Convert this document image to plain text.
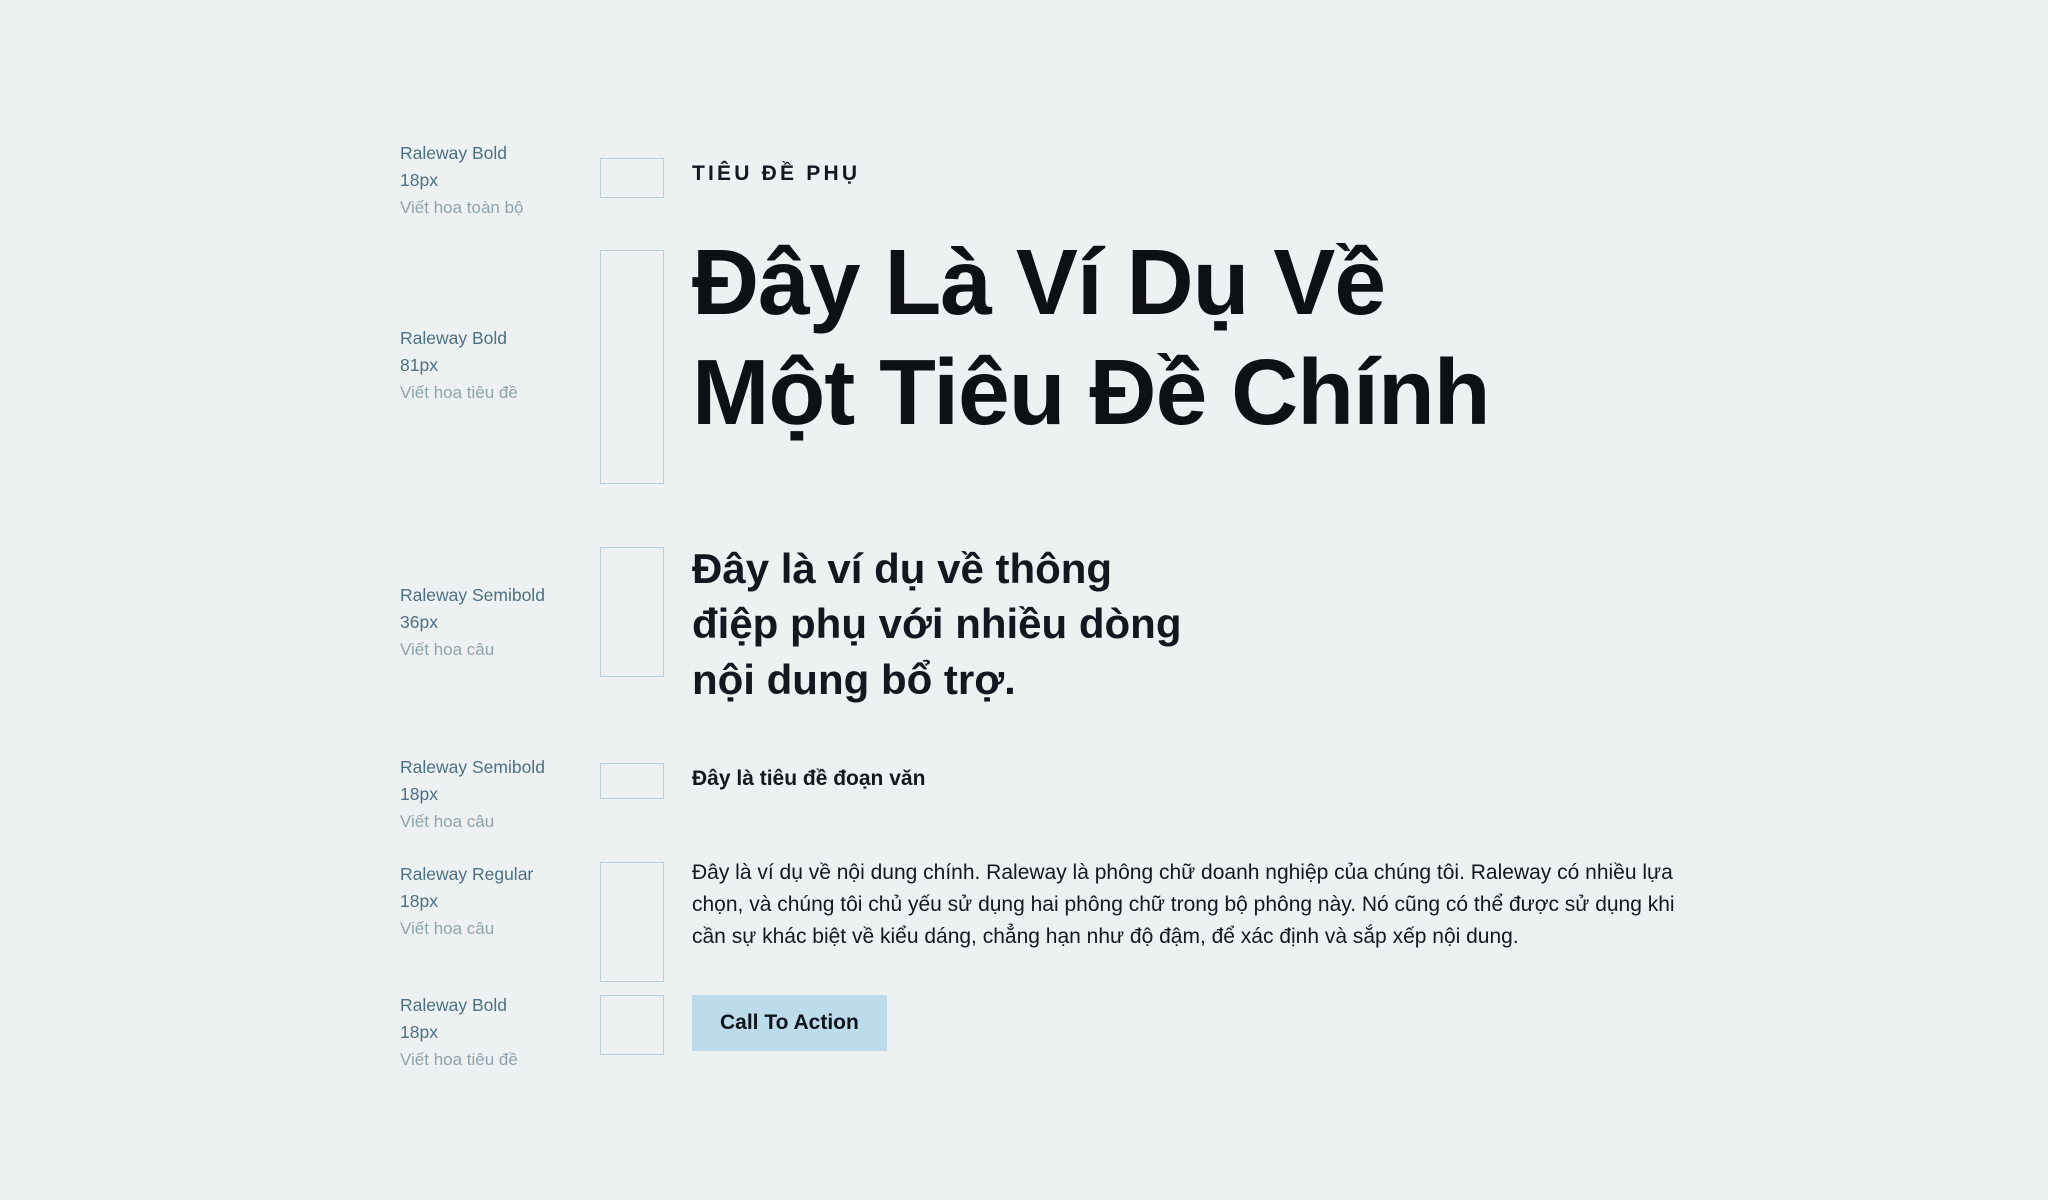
Raleway Bold
18px
Viết hoa toàn bộ
TIÊU ĐỀ PHỤ
Raleway Bold
81px
Viết hoa tiêu đề
Đây Là Ví Dụ Về
Một Tiêu Đề Chính
Raleway Semibold
36px
Viết hoa câu
Đây là ví dụ về thông
điệp phụ với nhiều dòng
nội dung bổ trợ.
Raleway Semibold
18px
Viết hoa câu
Đây là tiêu đề đoạn văn
Raleway Regular
18px
Viết hoa câu

Đây là ví dụ về nội dung chính. Raleway là phông chữ doanh nghiệp của chúng tôi. Raleway có nhiều lựa chọn, và chúng tôi chủ yếu sử dụng hai phông chữ trong bộ phông này. Nó cũng có thể được sử dụng khi cần sự khác biệt về kiểu dáng, chẳng hạn như độ đậm, để xác định và sắp xếp nội dung.

Raleway Bold
18px
Viết hoa tiêu đề
Call To Action
